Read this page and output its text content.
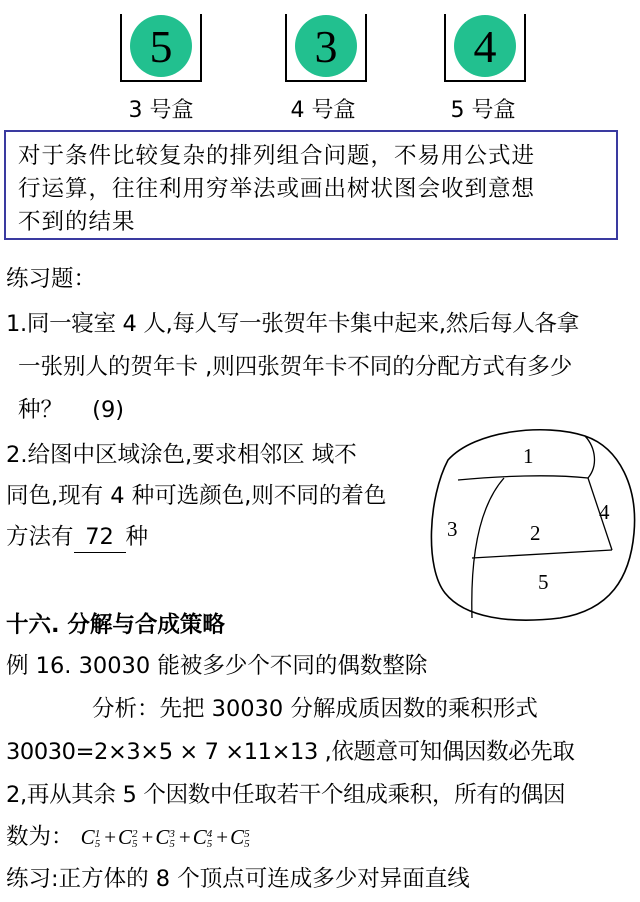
5
3 号盒
3
4 号盒
4
5 号盒
对于条件比较复杂的排列组合问题，不易用公式进
行运算，往往利用穷举法或画出树状图会收到意想
不到的结果
练习题：
1.同一寝室 4 人,每人写一张贺年卡集中起来,然后每人各拿
一张别人的贺年卡 ,则四张贺年卡不同的分配方式有多少
种？ (9)
2.给图中区域涂色,要求相邻区 域不
同色,现有 4 种可选颜色,则不同的着色
方法有 72 种
1
2
3
4
5
十六. 分解与合成策略
例 16. 30030 能被多少个不同的偶数整除
分析：先把 30030 分解成质因数的乘积形式
30030=2×3×5 × 7 ×11×13 ,依题意可知偶因数必先取
2,再从其余 5 个因数中任取若干个组成乘积，所有的偶因
数为： C1
5 +C2
5 +C3
5 +C4
5 +C5
5
练习:正方体的 8 个顶点可连成多少对异面直线
